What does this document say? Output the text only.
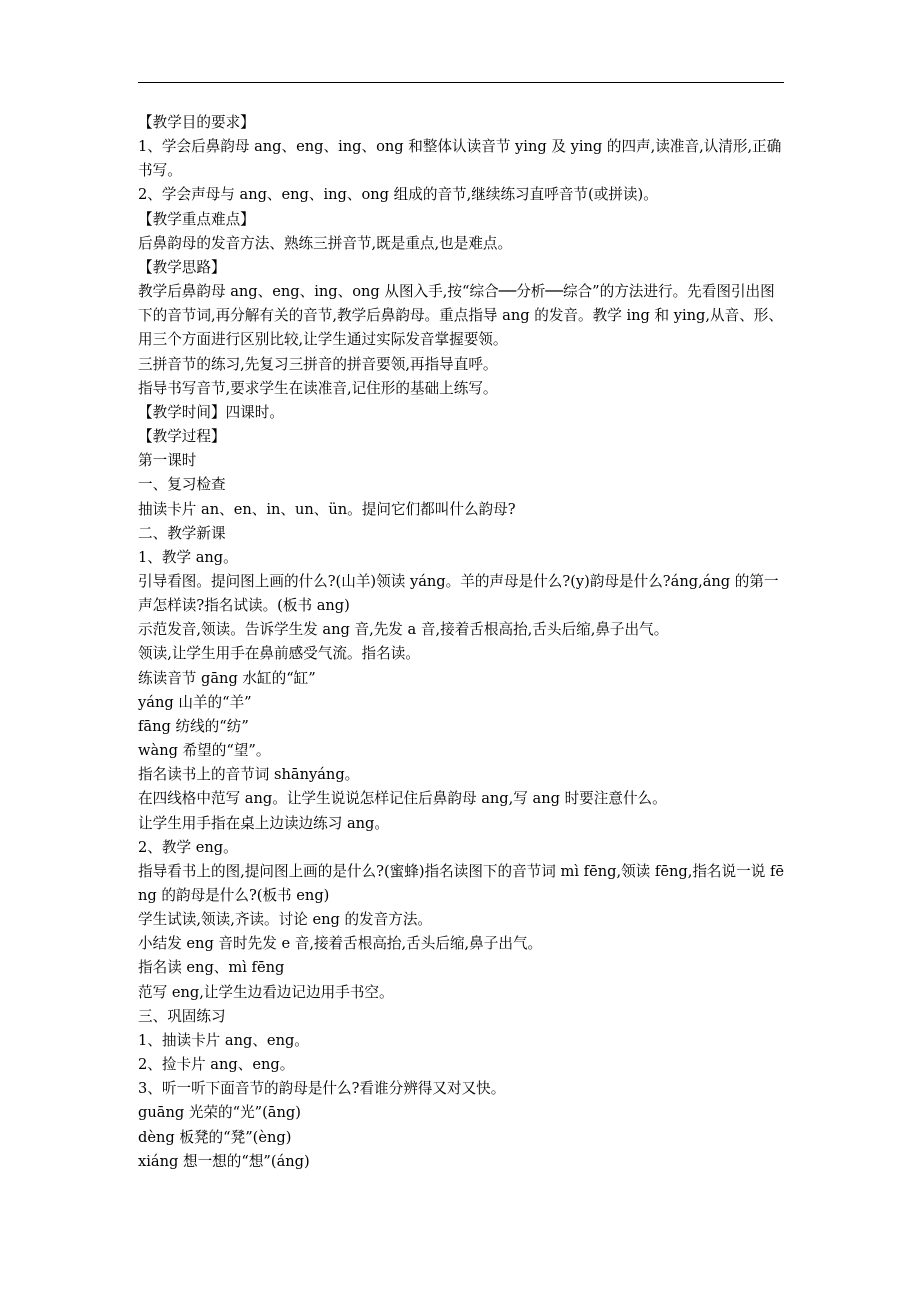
【教学目的要求】

1、学会后鼻韵母 ang、eng、ing、ong 和整体认读音节 ying 及 ying 的四声,读准音,认清形,正确书写。

2、学会声母与 ang、eng、ing、ong 组成的音节,继续练习直呼音节(或拼读)。

【教学重点难点】

后鼻韵母的发音方法、熟练三拼音节,既是重点,也是难点。

【教学思路】

教学后鼻韵母 ang、eng、ing、ong 从图入手,按“综合──分析──综合”的方法进行。先看图引出图下的音节词,再分解有关的音节,教学后鼻韵母。重点指导 ang 的发音。教学 ing 和 ying,从音、形、用三个方面进行区别比较,让学生通过实际发音掌握要领。

三拼音节的练习,先复习三拼音的拼音要领,再指导直呼。

指导书写音节,要求学生在读准音,记住形的基础上练写。

【教学时间】四课时。

【教学过程】

第一课时

一、复习检查

抽读卡片 an、en、in、un、ün。提问它们都叫什么韵母?

二、教学新课

1、教学 ang。

引导看图。提问图上画的什么?(山羊)领读 yáng。羊的声母是什么?(y)韵母是什么?áng,áng 的第一声怎样读?指名试读。(板书 ang)

示范发音,领读。告诉学生发 ang 音,先发 a 音,接着舌根高抬,舌头后缩,鼻子出气。

领读,让学生用手在鼻前感受气流。指名读。

练读音节 gāng 水缸的“缸”

yáng 山羊的“羊”

fāng 纺线的“纺”

wàng 希望的“望”。

指名读书上的音节词 shānyáng。

在四线格中范写 ang。让学生说说怎样记住后鼻韵母 ang,写 ang 时要注意什么。

让学生用手指在桌上边读边练习 ang。

2、教学 eng。

指导看书上的图,提问图上画的是什么?(蜜蜂)指名读图下的音节词 mì fēng,领读 fēng,指名说一说 fēng 的韵母是什么?(板书 eng)

学生试读,领读,齐读。讨论 eng 的发音方法。

小结发 eng 音时先发 e 音,接着舌根高抬,舌头后缩,鼻子出气。

指名读 eng、mì fēng

范写 eng,让学生边看边记边用手书空。

三、巩固练习

1、抽读卡片 ang、eng。

2、捡卡片 ang、eng。

3、听一听下面音节的韵母是什么?看谁分辨得又对又快。

guāng 光荣的“光”(āng)

dèng 板凳的“凳”(èng)

xiáng 想一想的“想”(áng)
